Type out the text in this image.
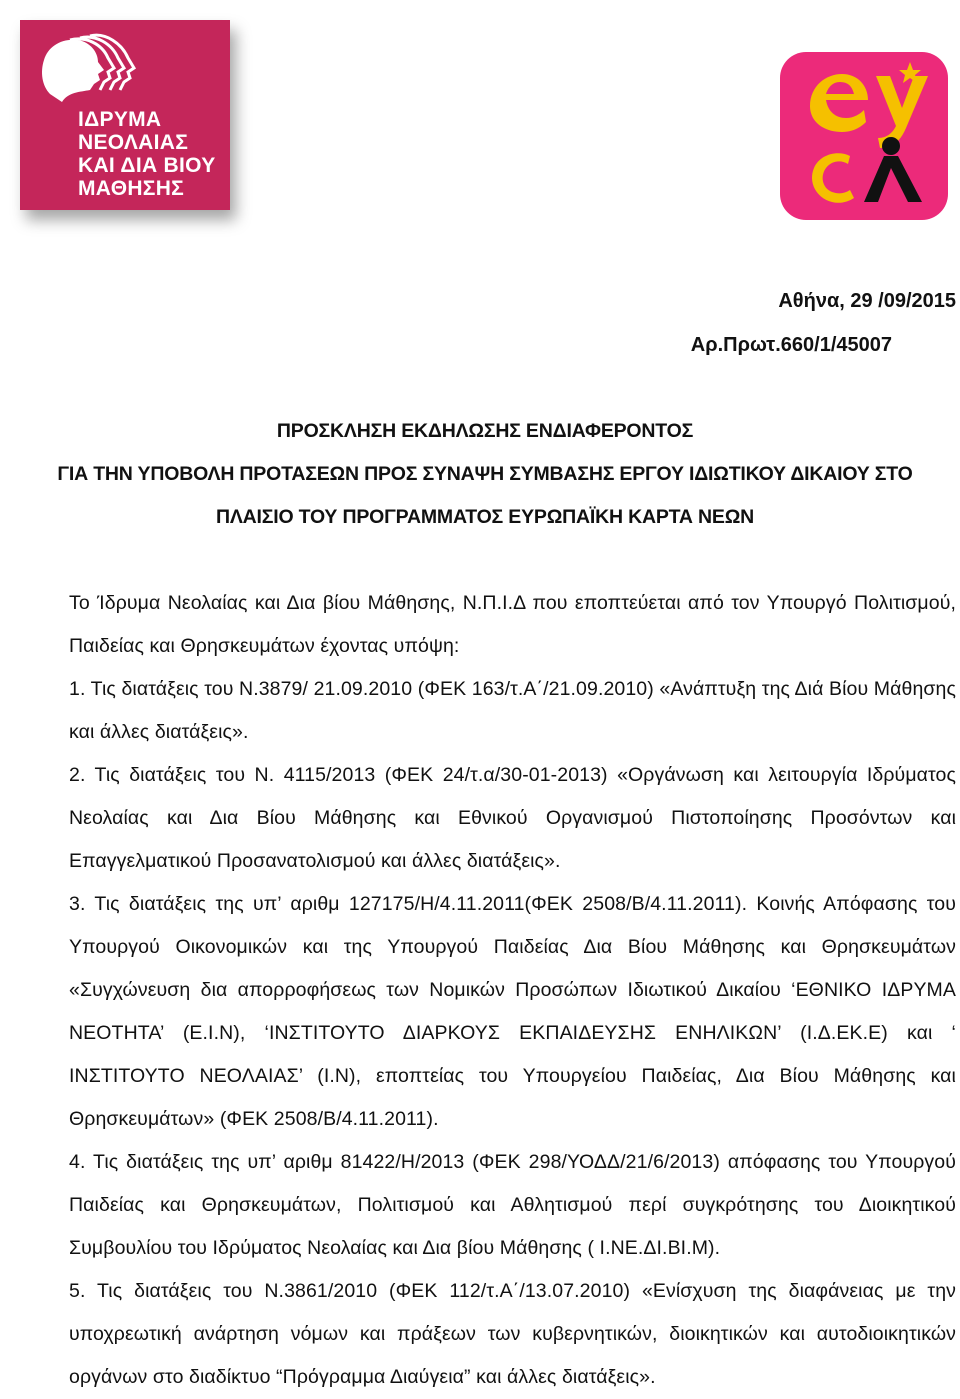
ΙΔΡΥΜΑ
ΝΕΟΛΑΙΑΣ
ΚΑΙ ΔΙΑ ΒΙΟΥ
ΜΑΘΗΣΗΣ
Αθήνα, 29 /09/2015
Αρ.Πρωτ.660/1/45007
ΠΡΟΣΚΛΗΣΗ ΕΚΔΗΛΩΣΗΣ ΕΝΔΙΑΦΕΡΟΝΤΟΣ
ΓΙΑ ΤΗΝ ΥΠΟΒΟΛΗ ΠΡΟΤΑΣΕΩΝ ΠΡΟΣ ΣΥΝΑΨΗ ΣΥΜΒΑΣΗΣ ΕΡΓΟΥ ΙΔΙΩΤΙΚΟΥ ΔΙΚΑΙΟΥ ΣΤΟ
ΠΛΑΙΣΙΟ ΤΟΥ ΠΡΟΓΡΑΜΜΑΤΟΣ ΕΥΡΩΠΑΪΚΗ ΚΑΡΤΑ ΝΕΩΝ

Το Ίδρυμα Νεολαίας και Δια βίου Μάθησης, Ν.Π.Ι.Δ που εποπτεύεται από τον Υπουργό Πολιτισμού, Παιδείας και Θρησκευμάτων έχοντας υπόψη:

1. Τις διατάξεις του Ν.3879/ 21.09.2010 (ΦΕΚ 163/τ.Α΄/21.09.2010) «Ανάπτυξη της Διά Βίου Μάθησης και άλλες διατάξεις».

2. Τις διατάξεις του Ν. 4115/2013 (ΦΕΚ 24/τ.α/30-01-2013) «Οργάνωση και λειτουργία Ιδρύματος Νεολαίας και Δια Βίου Μάθησης και Εθνικού Οργανισμού Πιστοποίησης Προσόντων και Επαγγελματικού Προσανατολισμού και άλλες διατάξεις».

3. Τις διατάξεις της υπ’ αριθμ 127175/Η/4.11.2011(ΦΕΚ 2508/Β/4.11.2011). Κοινής Απόφασης του Υπουργού Οικονομικών και της Υπουργού Παιδείας Δια Βίου Μάθησης και Θρησκευμάτων «Συγχώνευση δια απορροφήσεως των Νομικών Προσώπων Ιδιωτικού Δικαίου ‘ΕΘΝΙΚΟ ΙΔΡΥΜΑ ΝΕΟΤΗΤΑ’ (Ε.Ι.Ν), ‘ΙΝΣΤΙΤΟΥΤΟ ΔΙΑΡΚΟΥΣ ΕΚΠΑΙΔΕΥΣΗΣ ΕΝΗΛΙΚΩΝ’ (Ι.Δ.ΕΚ.Ε) και ‘ ΙΝΣΤΙΤΟΥΤΟ ΝΕΟΛΑΙΑΣ’ (Ι.Ν), εποπτείας του Υπουργείου Παιδείας, Δια Βίου Μάθησης και Θρησκευμάτων» (ΦΕΚ 2508/Β/4.11.2011).

4. Τις διατάξεις της υπ’ αριθμ 81422/Η/2013 (ΦΕΚ 298/ΥΟΔΔ/21/6/2013) απόφασης του Υπουργού Παιδείας και Θρησκευμάτων, Πολιτισμού και Αθλητισμού περί συγκρότησης του Διοικητικού Συμβουλίου του Ιδρύματος Νεολαίας και Δια βίου Μάθησης ( Ι.ΝΕ.ΔΙ.ΒΙ.Μ).

5. Τις διατάξεις του Ν.3861/2010 (ΦΕΚ 112/τ.Α΄/13.07.2010) «Ενίσχυση της διαφάνειας με την υποχρεωτική ανάρτηση νόμων και πράξεων των κυβερνητικών, διοικητικών και αυτοδιοικητικών οργάνων στο διαδίκτυο “Πρόγραμμα Διαύγεια” και άλλες διατάξεις».
